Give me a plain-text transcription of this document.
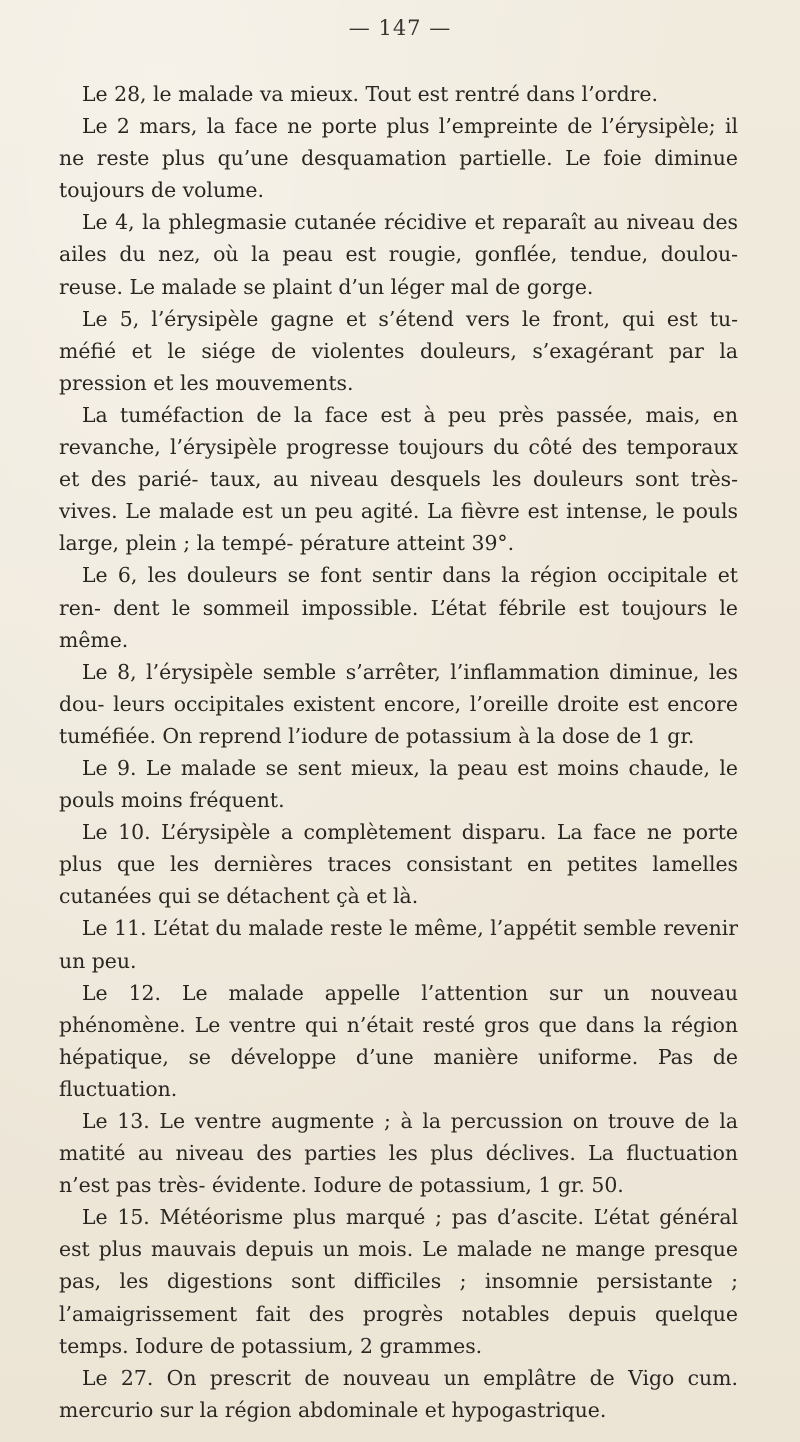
— 147 —

Le 28, le malade va mieux. Tout est rentré dans l’ordre.

Le 2 mars, la face ne porte plus l’empreinte de l’érysipèle; il ne reste plus qu’une desquamation partielle. Le foie diminue toujours de volume.

Le 4, la phlegmasie cutanée récidive et reparaît au niveau des ailes du nez, où la peau est rougie, gonflée, tendue, doulou- reuse. Le malade se plaint d’un léger mal de gorge.

Le 5, l’érysipèle gagne et s’étend vers le front, qui est tu- méfié et le siége de violentes douleurs, s’exagérant par la pression et les mouvements.

La tuméfaction de la face est à peu près passée, mais, en revanche, l’érysipèle progresse toujours du côté des temporaux et des parié- taux, au niveau desquels les douleurs sont très-vives. Le malade est un peu agité. La fièvre est intense, le pouls large, plein ; la tempé- pérature atteint 39°.

Le 6, les douleurs se font sentir dans la région occipitale et ren- dent le sommeil impossible. L’état fébrile est toujours le même.

Le 8, l’érysipèle semble s’arrêter, l’inflammation diminue, les dou- leurs occipitales existent encore, l’oreille droite est encore tuméfiée. On reprend l’iodure de potassium à la dose de 1 gr.

Le 9. Le malade se sent mieux, la peau est moins chaude, le pouls moins fréquent.

Le 10. L’érysipèle a complètement disparu. La face ne porte plus que les dernières traces consistant en petites lamelles cutanées qui se détachent çà et là.

Le 11. L’état du malade reste le même, l’appétit semble revenir un peu.

Le 12. Le malade appelle l’attention sur un nouveau phénomène. Le ventre qui n’était resté gros que dans la région hépatique, se développe d’une manière uniforme. Pas de fluctuation.

Le 13. Le ventre augmente ; à la percussion on trouve de la matité au niveau des parties les plus déclives. La fluctuation n’est pas très- évidente. Iodure de potassium, 1 gr. 50.

Le 15. Météorisme plus marqué ; pas d’ascite. L’état général est plus mauvais depuis un mois. Le malade ne mange presque pas, les digestions sont difficiles ; insomnie persistante ; l’amaigrissement fait des progrès notables depuis quelque temps. Iodure de potassium, 2 grammes.

Le 27. On prescrit de nouveau un emplâtre de Vigo cum. mercurio sur la région abdominale et hypogastrique.
